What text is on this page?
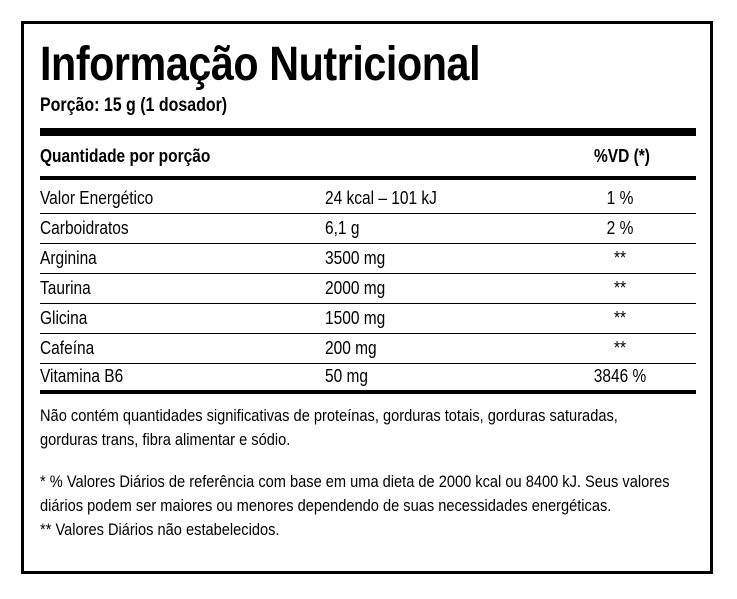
Informação Nutricional
Porção: 15 g (1 dosador)
Quantidade por porção	%VD (*)
Valor Energético	24 kcal – 101 kJ	1 %
Carboidratos	6,1 g	2 %
Arginina	3500 mg	**
Taurina	2000 mg	**
Glicina	1500 mg	**
Cafeína	200 mg	**
Vitamina B6	50 mg	3846 %

Não contém quantidades significativas de proteínas, gorduras totais, gorduras saturadas,

gorduras trans, fibra alimentar e sódio.

* % Valores Diários de referência com base em uma dieta de 2000 kcal ou 8400 kJ. Seus valores

diários podem ser maiores ou menores dependendo de suas necessidades energéticas.

** Valores Diários não estabelecidos.
